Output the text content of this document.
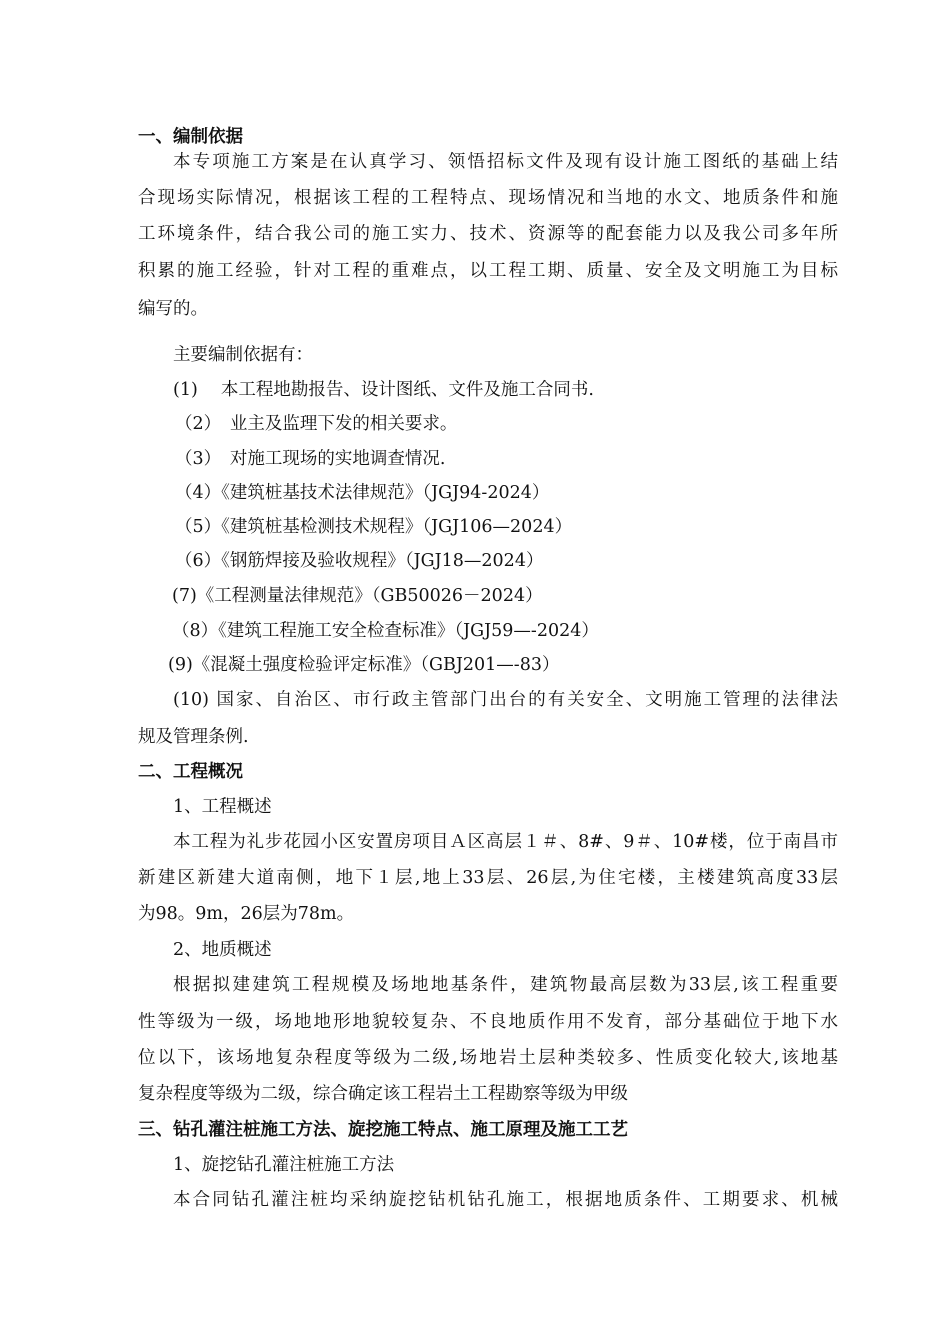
一、编制依据
本专项施工方案是在认真学习、领悟招标文件及现有设计施工图纸的基础上结
合现场实际情况，根据该工程的工程特点、现场情况和当地的水文、地质条件和施
工环境条件，结合我公司的施工实力、技术、资源等的配套能力以及我公司多年所
积累的施工经验，针对工程的重难点，以工程工期、质量、安全及文明施工为目标
编写的。
主要编制依据有：
(1)　 本工程地勘报告、设计图纸、文件及施工合同书.
（2）　业主及监理下发的相关要求。
（3）　对施工现场的实地调查情况.
（4）《建筑桩基技术法律规范》（JGJ94-2024）
（5）《建筑桩基检测技术规程》（JGJ106—2024）
（6）《钢筋焊接及验收规程》（JGJ18—2024）
(7)《工程测量法律规范》（GB50026－2024）
（8）《建筑工程施工安全检查标准》（JGJ59—-2024）
(9)《混凝土强度检验评定标准》（GBJ201—-83）
(10) 国家、自治区、市行政主管部门出台的有关安全、文明施工管理的法律法
规及管理条例.
二、工程概况
1、工程概述
本工程为礼步花园小区安置房项目Ａ区高层１＃、8#、9＃、10#楼，位于南昌市
新建区新建大道南侧，地下１层,地上33层、26层,为住宅楼，主楼建筑高度33层
为98。9m，26层为78m。
2、地质概述
根据拟建建筑工程规模及场地地基条件，建筑物最高层数为33层,该工程重要
性等级为一级，场地地形地貌较复杂、不良地质作用不发育，部分基础位于地下水
位以下，该场地复杂程度等级为二级,场地岩土层种类较多、性质变化较大,该地基
复杂程度等级为二级，综合确定该工程岩土工程勘察等级为甲级
三、钻孔灌注桩施工方法、旋挖施工特点、施工原理及施工工艺
1、旋挖钻孔灌注桩施工方法
本合同钻孔灌注桩均采纳旋挖钻机钻孔施工，根据地质条件、工期要求、机械
